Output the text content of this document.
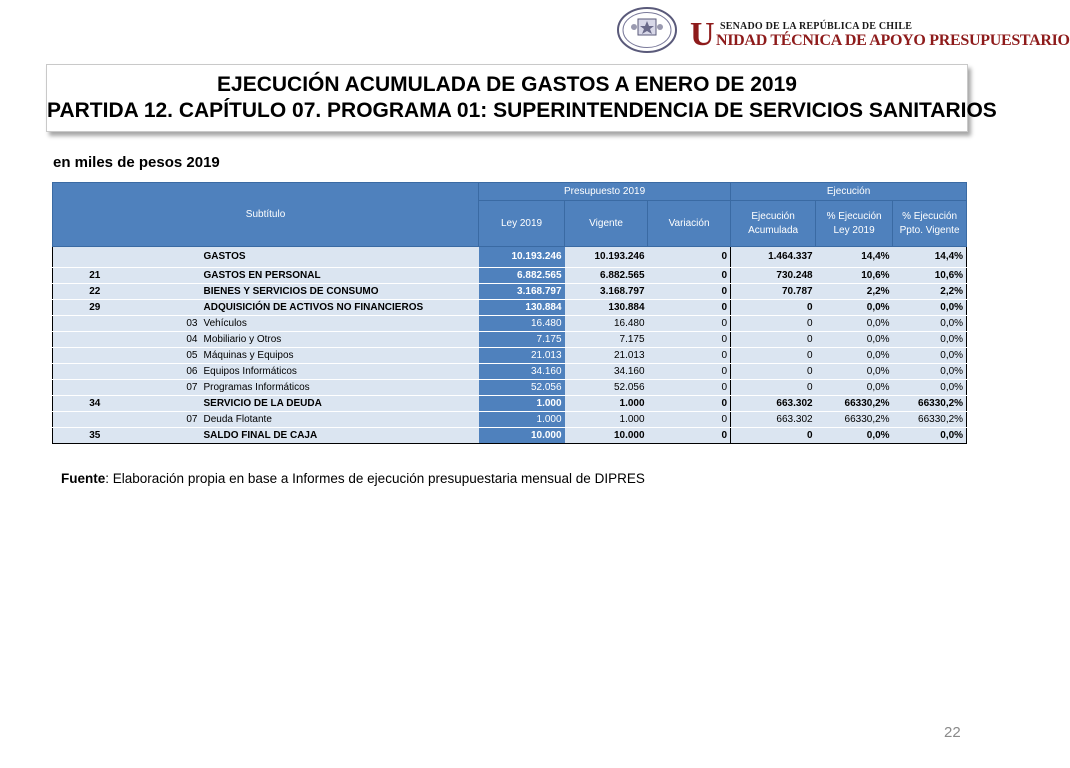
U SENADO DE LA REPÚBLICA DE CHILE
NIDAD TÉCNICA DE APOYO PRESUPUESTARIO
EJECUCIÓN ACUMULADA DE GASTOS A ENERO DE 2019
PARTIDA 12. CAPÍTULO 07. PROGRAMA 01: SUPERINTENDENCIA DE SERVICIOS SANITARIOS
en miles de pesos 2019
Subtítulo			Presupuesto 2019			Ejecución		
			Ley 2019	Vigente	Variación	Ejecución Acumulada	% Ejecución Ley 2019	% Ejecución Ppto. Vigente
		GASTOS	10.193.246	10.193.246	0	1.464.337	14,4%	14,4%
21		GASTOS EN PERSONAL	6.882.565	6.882.565	0	730.248	10,6%	10,6%
22		BIENES Y SERVICIOS DE CONSUMO	3.168.797	3.168.797	0	70.787	2,2%	2,2%
29		ADQUISICIÓN DE ACTIVOS NO FINANCIEROS	130.884	130.884	0	0	0,0%	0,0%
	03	Vehículos	16.480	16.480	0	0	0,0%	0,0%
	04	Mobiliario y Otros	7.175	7.175	0	0	0,0%	0,0%
	05	Máquinas y Equipos	21.013	21.013	0	0	0,0%	0,0%
	06	Equipos Informáticos	34.160	34.160	0	0	0,0%	0,0%
	07	Programas Informáticos	52.056	52.056	0	0	0,0%	0,0%
34		SERVICIO DE LA DEUDA	1.000	1.000	0	663.302	66330,2%	66330,2%
	07	Deuda Flotante	1.000	1.000	0	663.302	66330,2%	66330,2%
35		SALDO FINAL DE CAJA	10.000	10.000	0	0	0,0%	0,0%
Fuente: Elaboración propia en base a Informes de ejecución presupuestaria mensual de DIPRES
22
